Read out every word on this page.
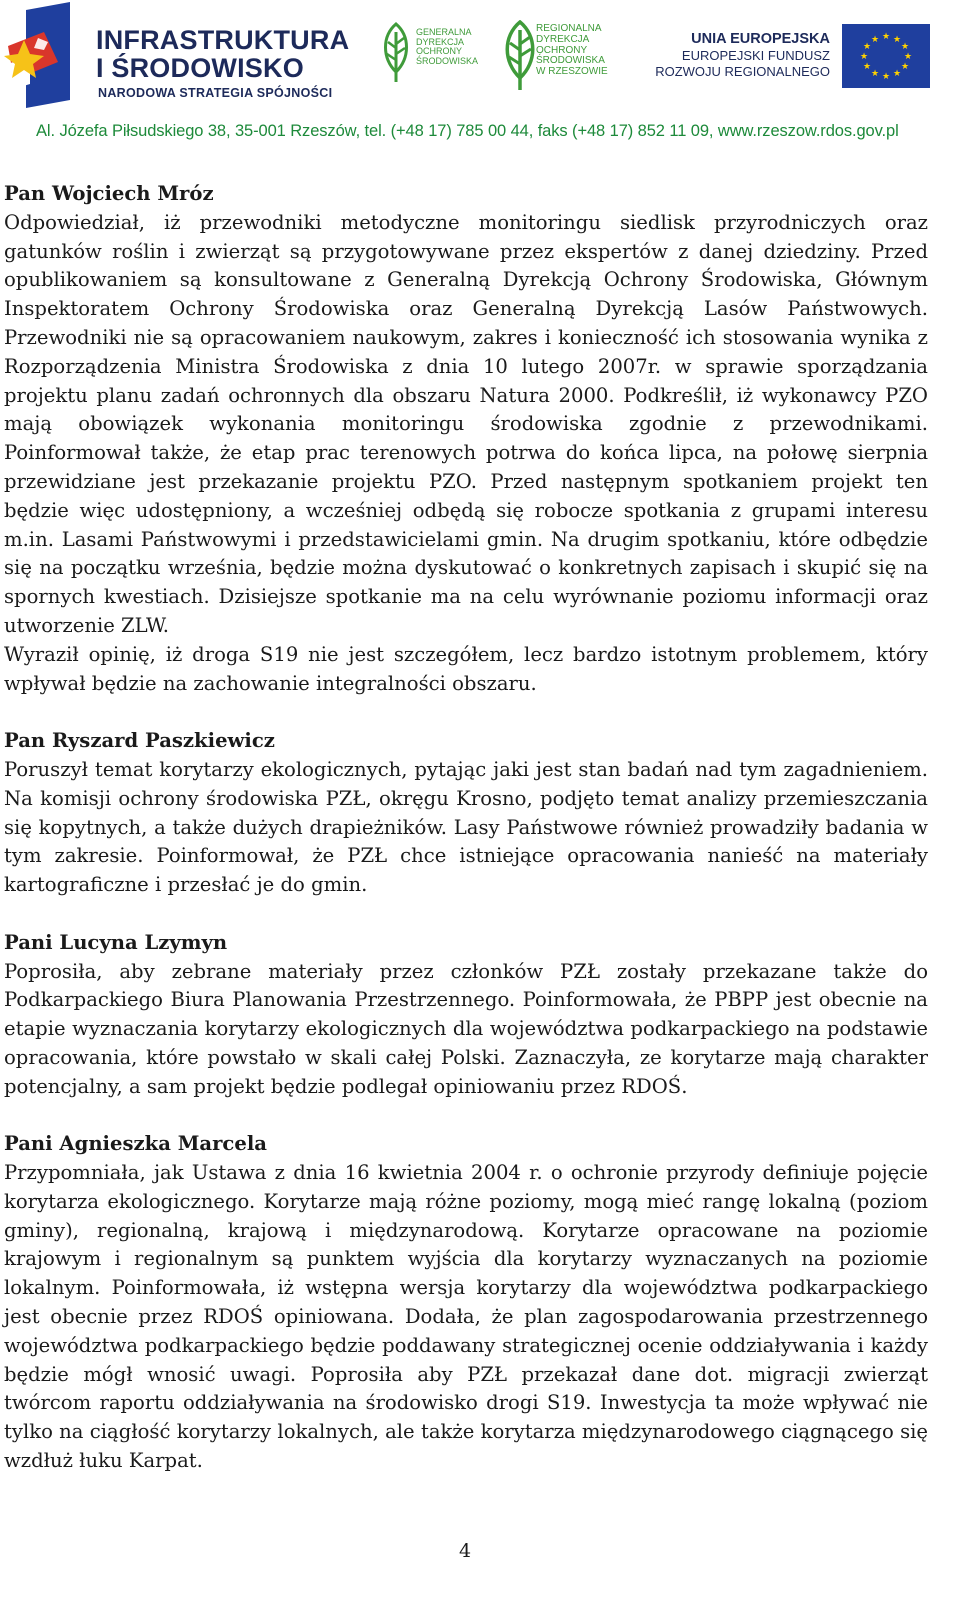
INFRASTRUKTURA
I ŚRODOWISKO
NARODOWA STRATEGIA SPÓJNOŚCI
GENERALNA DYREKCJA OCHRONY ŚRODOWISKA
REGIONALNA DYREKCJA OCHRONY ŚRODOWISKA W RZESZOWIE
UNIA EUROPEJSKA
EUROPEJSKI FUNDUSZ
ROZWOJU REGIONALNEGO
★ ★
★
★
★
★
★
★
★
★
★
★
Al. Józefa Piłsudskiego 38, 35-001 Rzeszów, tel. (+48 17) 785 00 44, faks (+48 17) 852 11 09, www.rzeszow.rdos.gov.pl
Pan Wojciech Mróz

Odpowiedział, iż przewodniki metodyczne monitoringu siedlisk przyrodniczych oraz gatunków roślin i zwierząt są przygotowywane przez ekspertów z danej dziedziny. Przed opublikowaniem są konsultowane z Generalną Dyrekcją Ochrony Środowiska, Głównym Inspektoratem Ochrony Środowiska oraz Generalną Dyrekcją Lasów Państwowych. Przewodniki nie są opracowaniem naukowym, zakres i konieczność ich stosowania wynika z Rozporządzenia Ministra Środowiska z dnia 10 lutego 2007r. w sprawie sporządzania projektu planu zadań ochronnych dla obszaru Natura 2000. Podkreślił, iż wykonawcy PZO mają obowiązek wykonania monitoringu środowiska zgodnie z przewodnikami. Poinformował także, że etap prac terenowych potrwa do końca lipca, na połowę sierpnia przewidziane jest przekazanie projektu PZO. Przed następnym spotkaniem projekt ten będzie więc udostępniony, a wcześniej odbędą się robocze spotkania z grupami interesu m.in. Lasami Państwowymi i przedstawicielami gmin. Na drugim spotkaniu, które odbędzie się na początku września, będzie można dyskutować o konkretnych zapisach i skupić się na spornych kwestiach. Dzisiejsze spotkanie ma na celu wyrównanie poziomu informacji oraz utworzenie ZLW.

Wyraził opinię, iż droga S19 nie jest szczegółem, lecz bardzo istotnym problemem, który wpływał będzie na zachowanie integralności obszaru.

Pan Ryszard Paszkiewicz

Poruszył temat korytarzy ekologicznych, pytając jaki jest stan badań nad tym zagadnieniem. Na komisji ochrony środowiska PZŁ, okręgu Krosno, podjęto temat analizy przemieszczania się kopytnych, a także dużych drapieżników. Lasy Państwowe również prowadziły badania w tym zakresie. Poinformował, że PZŁ chce istniejące opracowania nanieść na materiały kartograficzne i przesłać je do gmin.

Pani Lucyna Lzymyn

Poprosiła, aby zebrane materiały przez członków PZŁ zostały przekazane także do Podkarpackiego Biura Planowania Przestrzennego. Poinformowała, że PBPP jest obecnie na etapie wyznaczania korytarzy ekologicznych dla województwa podkarpackiego na podstawie opracowania, które powstało w skali całej Polski. Zaznaczyła, ze korytarze mają charakter potencjalny, a sam projekt będzie podlegał opiniowaniu przez RDOŚ.

Pani Agnieszka Marcela

Przypomniała, jak Ustawa z dnia 16 kwietnia 2004 r. o ochronie przyrody definiuje pojęcie korytarza ekologicznego. Korytarze mają różne poziomy, mogą mieć rangę lokalną (poziom gminy), regionalną, krajową i międzynarodową. Korytarze opracowane na poziomie krajowym i regionalnym są punktem wyjścia dla korytarzy wyznaczanych na poziomie lokalnym. Poinformowała, iż wstępna wersja korytarzy dla województwa podkarpackiego jest obecnie przez RDOŚ opiniowana. Dodała, że plan zagospodarowania przestrzennego województwa podkarpackiego będzie poddawany strategicznej ocenie oddziaływania i każdy będzie mógł wnosić uwagi. Poprosiła aby PZŁ przekazał dane dot. migracji zwierząt twórcom raportu oddziaływania na środowisko drogi S19. Inwestycja ta może wpływać nie tylko na ciągłość korytarzy lokalnych, ale także korytarza międzynarodowego ciągnącego się wzdłuż łuku Karpat.

4
